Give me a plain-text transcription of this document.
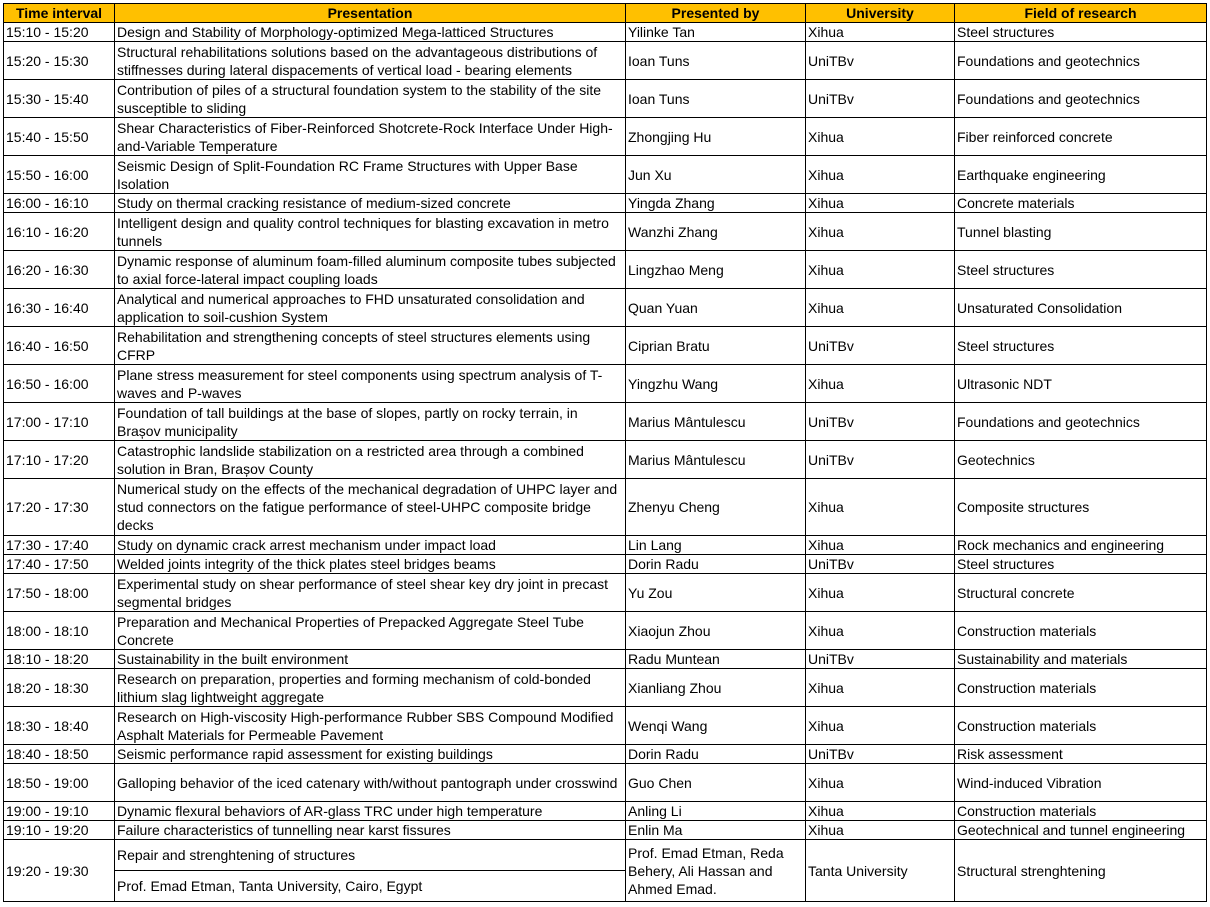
Time interval	Presentation	Presented by	University	Field of research
15:10 - 15:20	Design and Stability of Morphology-optimized Mega-latticed Structures	Yilinke Tan	Xihua	Steel structures
15:20 - 15:30	Structural rehabilitations solutions based on the advantageous distributions of stiffnesses during lateral dispacements of vertical load - bearing elements	Ioan Tuns	UniTBv	Foundations and geotechnics
15:30 - 15:40	Contribution of piles of a structural foundation system to the stability of the site susceptible to sliding	Ioan Tuns	UniTBv	Foundations and geotechnics
15:40 - 15:50	Shear Characteristics of Fiber-Reinforced Shotcrete-Rock Interface Under High-and-Variable Temperature	Zhongjing Hu	Xihua	Fiber reinforced concrete
15:50 - 16:00	Seismic Design of Split-Foundation RC Frame Structures with Upper Base Isolation	Jun Xu	Xihua	Earthquake engineering
16:00 - 16:10	Study on thermal cracking resistance of medium-sized concrete	Yingda Zhang	Xihua	Concrete materials
16:10 - 16:20	Intelligent design and quality control techniques for blasting excavation in metro tunnels	Wanzhi Zhang	Xihua	Tunnel blasting
16:20 - 16:30	Dynamic response of aluminum foam-filled aluminum composite tubes subjected to axial force-lateral impact coupling loads	Lingzhao Meng	Xihua	Steel structures
16:30 - 16:40	Analytical and numerical approaches to FHD unsaturated consolidation and application to soil-cushion System	Quan Yuan	Xihua	Unsaturated Consolidation
16:40 - 16:50	Rehabilitation and strengthening concepts of steel structures elements using CFRP	Ciprian Bratu	UniTBv	Steel structures
16:50 - 16:00	Plane stress measurement for steel components using spectrum analysis of T-waves and P-waves	Yingzhu Wang	Xihua	Ultrasonic NDT
17:00 - 17:10	Foundation of tall buildings at the base of slopes, partly on rocky terrain, in Brașov municipality	Marius Mântulescu	UniTBv	Foundations and geotechnics
17:10 - 17:20	Catastrophic landslide stabilization on a restricted area through a combined solution in Bran, Brașov County	Marius Mântulescu	UniTBv	Geotechnics
17:20 - 17:30	Numerical study on the effects of the mechanical degradation of UHPC layer and stud connectors on the fatigue performance of steel-UHPC composite bridge decks	Zhenyu Cheng	Xihua	Composite structures
17:30 - 17:40	Study on dynamic crack arrest mechanism under impact load	Lin Lang	Xihua	Rock mechanics and engineering
17:40 - 17:50	Welded joints integrity of the thick plates steel bridges beams	Dorin Radu	UniTBv	Steel structures
17:50 - 18:00	Experimental study on shear performance of steel shear key dry joint in precast segmental bridges	Yu Zou	Xihua	Structural concrete
18:00 - 18:10	Preparation and Mechanical Properties of Prepacked Aggregate Steel Tube Concrete	Xiaojun Zhou	Xihua	Construction materials
18:10 - 18:20	Sustainability in the built environment	Radu Muntean	UniTBv	Sustainability and materials
18:20 - 18:30	Research on preparation, properties and forming mechanism of cold-bonded lithium slag lightweight aggregate	Xianliang Zhou	Xihua	Construction materials
18:30 - 18:40	Research on High-viscosity High-performance Rubber SBS Compound Modified Asphalt Materials for Permeable Pavement	Wenqi Wang	Xihua	Construction materials
18:40 - 18:50	Seismic performance rapid assessment for existing buildings	Dorin Radu	UniTBv	Risk assessment
18:50 - 19:00	Galloping behavior of the iced catenary with/without pantograph under crosswind	Guo Chen	Xihua	Wind-induced Vibration
19:00 - 19:10	Dynamic flexural behaviors of AR-glass TRC under high temperature	Anling Li	Xihua	Construction materials
19:10 - 19:20	Failure characteristics of tunnelling near karst fissures	Enlin Ma	Xihua	Geotechnical and tunnel engineering
19:20 - 19:30	Repair and strenghtening of structures	Prof. Emad Etman, Reda Behery, Ali Hassan and Ahmed Emad.	Tanta University	Structural strenghtening
	Prof. Emad Etman, Tanta University, Cairo, Egypt			
